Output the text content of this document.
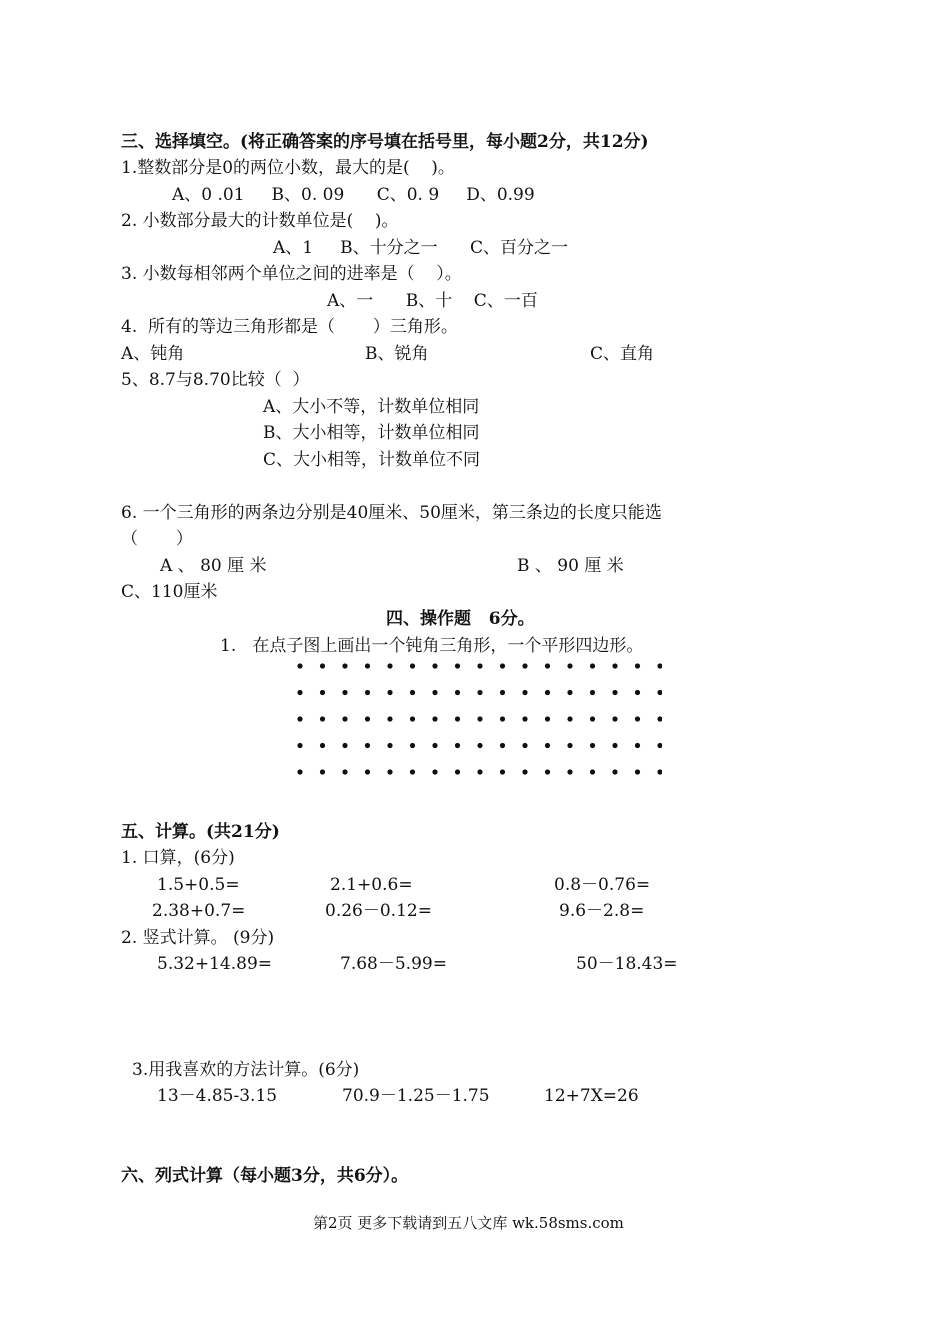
三、选择填空。(将正确答案的序号填在括号里，每小题2分，共12分)
1.整数部分是0的两位小数，最大的是(    )。
A、0 .01     B、0. 09      C、0. 9     D、0.99
2. 小数部分最大的计数单位是(    )。
A、1     B、十分之一      C、百分之一
3. 小数每相邻两个单位之间的进率是（    ）。
A、一      B、十    C、一百
4.  所有的等边三角形都是（       ）三角形。
A、钝角	B、锐角	C、直角
5、8.7与8.70比较（  ）
A、大小不等，计数单位相同
B、大小相等，计数单位相同
C、大小相等，计数单位不同
6. 一个三角形的两条边分别是40厘米、50厘米，第三条边的长度只能选
（       ）
A 、 80 厘 米	B 、 90 厘 米
C、110厘米
四、操作题   6分。
1.   在点子图上画出一个钝角三角形，一个平形四边形。
五、计算。(共21分)
1. 口算，(6分)
1.5+0.5=	2.1+0.6=	0.8－0.76=
2.38+0.7=	0.26－0.12=	9.6－2.8=
2. 竖式计算。 (9分)
5.32+14.89=	7.68－5.99=	50－18.43=
3.用我喜欢的方法计算。(6分)
13－4.85-3.15	70.9－1.25－1.75	12+7X=26
六、列式计算（每小题3分，共6分）。
第2页 更多下载请到五八文库 wk.58sms.com
